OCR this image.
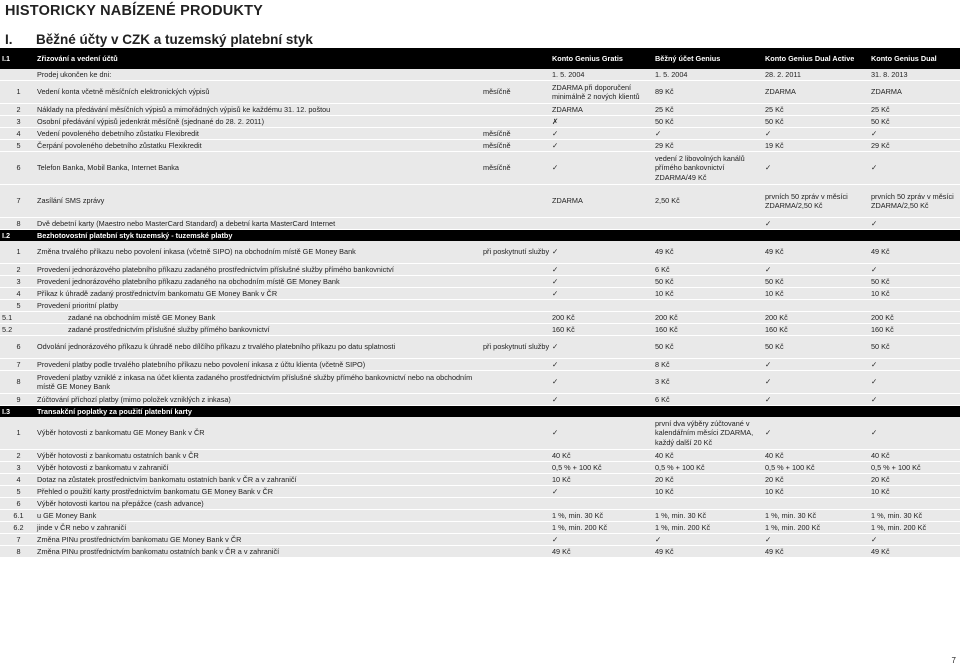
HISTORICKY NABÍZENÉ PRODUKTY
I. Běžné účty v CZK a tuzemský platební styk
I.1	Zřizování a vedení účtů		Konto Genius Gratis	Běžný účet Genius	Konto Genius Dual Active	Konto Genius Dual
	Prodej ukončen ke dni:		1. 5. 2004	1. 5. 2004	28. 2. 2011	31. 8. 2013
1	Vedení konta včetně měsíčních elektronických výpisů	měsíčně	ZDARMA při doporučení minimálně 2 nových klientů	89 Kč	ZDARMA	ZDARMA
2	Náklady na předávání měsíčních výpisů a mimořádných výpisů ke každému 31. 12. poštou		ZDARMA	25 Kč	25 Kč	25 Kč
3	Osobní předávání výpisů jedenkrát měsíčně (sjednané do 28. 2. 2011)		✗	50 Kč	50 Kč	50 Kč
4	Vedení povoleného debetního zůstatku Flexibredit	měsíčně	✓	✓	✓	✓
5	Čerpání povoleného debetního zůstatku Flexikredit	měsíčně	✓	29 Kč	19 Kč	29 Kč
6	Telefon Banka, Mobil Banka, Internet Banka	měsíčně	✓	vedení 2 libovolných kanálů přímého bankovnictví ZDARMA/49 Kč	✓	✓
7	Zasílání SMS zprávy		ZDARMA	2,50 Kč	prvních 50 zpráv v měsíci ZDARMA/2,50 Kč	prvních 50 zpráv v měsíci ZDARMA/2,50 Kč
8	Dvě debetní karty (Maestro nebo MasterCard Standard) a debetní karta MasterCard Internet				✓	✓
I.2	Bezhotovostní platební styk tuzemský - tuzemské platby					
1	Změna trvalého příkazu nebo povolení inkasa (včetně SIPO) na obchodním místě GE Money Bank	při poskytnutí služby	✓	49 Kč	49 Kč	49 Kč
2	Provedení jednorázového platebního příkazu zadaného prostřednictvím příslušné služby přímého bankovnictví		✓	6 Kč	✓	✓
3	Provedení jednorázového platebního příkazu zadaného na obchodním místě GE Money Bank		✓	50 Kč	50 Kč	50 Kč
4	Příkaz k úhradě zadaný prostřednictvím bankomatu GE Money Bank v ČR		✓	10 Kč	10 Kč	10 Kč
5	Provedení prioritní platby					
5.1	zadané na obchodním místě GE Money Bank		200 Kč	200 Kč	200 Kč	200 Kč
5.2	zadané prostřednictvím příslušné služby přímého bankovnictví		160 Kč	160 Kč	160 Kč	160 Kč
6	Odvolání jednorázového příkazu k úhradě nebo dílčího příkazu z trvalého platebního příkazu po datu splatnosti	při poskytnutí služby	✓	50 Kč	50 Kč	50 Kč
7	Provedení platby podle trvalého platebního příkazu nebo povolení inkasa z účtu klienta (včetně SIPO)		✓	8 Kč	✓	✓
8	Provedení platby vzniklé z inkasa na účet klienta zadaného prostřednictvím příslušné služby přímého bankovnictví nebo na obchodním místě GE Money Bank		✓	3 Kč	✓	✓
9	Zúčtování příchozí platby (mimo položek vzniklých z inkasa)		✓	6 Kč	✓	✓
I.3	Transakční poplatky za použití platební karty					
1	Výběr hotovosti z bankomatu GE Money Bank v ČR		✓	první dva výběry zúčtované v kalendářním měsíci ZDARMA, každý další 20 Kč	✓	✓
2	Výběr hotovosti z bankomatu ostatních bank v ČR		40 Kč	40 Kč	40 Kč	40 Kč
3	Výběr hotovosti z bankomatu v zahraničí		0,5 % + 100 Kč	0,5 % + 100 Kč	0,5 % + 100 Kč	0,5 % + 100 Kč
4	Dotaz na zůstatek prostřednictvím bankomatu ostatních bank v ČR a v zahraničí		10 Kč	20 Kč	20 Kč	20 Kč
5	Přehled o použití karty prostřednictvím bankomatu GE Money Bank v ČR		✓	10 Kč	10 Kč	10 Kč
6	Výběr hotovosti kartou na přepážce (cash advance)					
6.1	u GE Money Bank		1 %, min. 30 Kč	1 %, min. 30 Kč	1 %, min. 30 Kč	1 %, min. 30 Kč
6.2	jinde v ČR nebo v zahraničí		1 %, min. 200 Kč	1 %, min. 200 Kč	1 %, min. 200 Kč	1 %, min. 200 Kč
7	Změna PINu prostřednictvím bankomatu GE Money Bank v ČR		✓	✓	✓	✓
8	Změna PINu prostřednictvím bankomatu ostatních bank v ČR a v zahraničí		49 Kč	49 Kč	49 Kč	49 Kč
7
